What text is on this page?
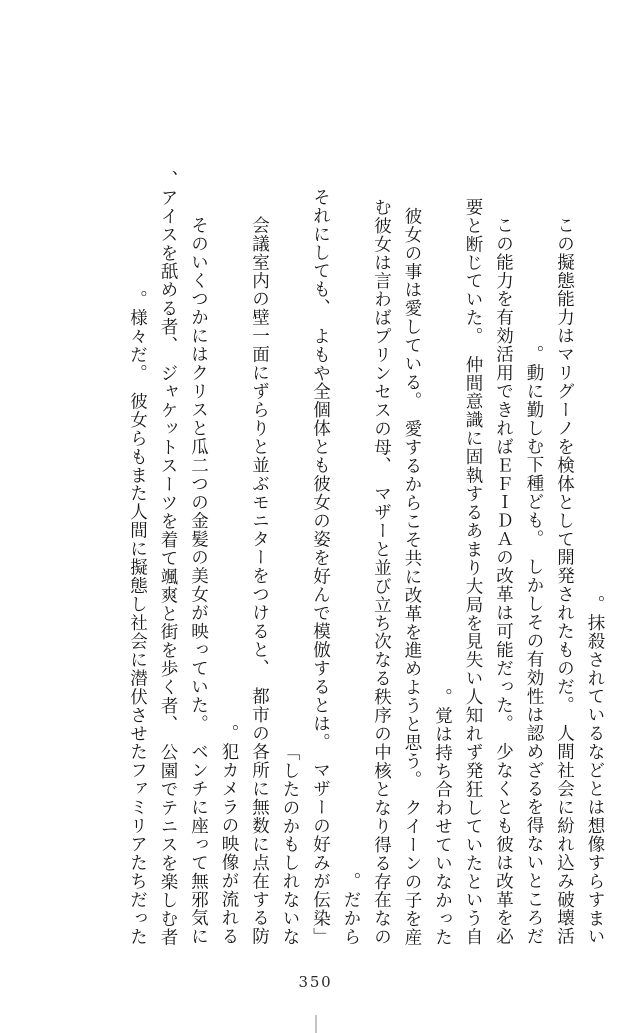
抹殺されているなどとは想像すらすまい。
この擬態能力はマリグーノを検体として開発されたものだ。　人間社会に紛れ込み破壊活
動に勤しむ下種ども。　しかしその有効性は認めざるを得ないところだ。
この能力を有効活用できればＥＦＩＤＡの改革は可能だった。　少なくとも彼は改革を必
要と断じていた。　仲間意識に固執するあまり大局を見失い人知れず発狂していたという自
覚は持ち合わせていなかった。
彼女の事は愛している。　愛するからこそ共に改革を進めようと思う。　クイーンの子を産
む彼女は言わばプリンセスの母、　マザーと並び立ち次なる秩序の中核となり得る存在なの
だから。
「それにしても、　よもや全個体とも彼女の姿を好んで模倣するとは。　マザーの好みが伝染
したのかもしれないな」
会議室内の壁一面にずらりと並ぶモニターをつけると、　都市の各所に無数に点在する防
犯カメラの映像が流れる。
そのいくつかにはクリスと瓜二つの金髪の美女が映っていた。　ベンチに座って無邪気に
アイスを舐める者、　ジャケットスーツを着て颯爽と街を歩く者、　公園でテニスを楽しむ者、
様々だ。　彼女らもまた人間に擬態し社会に潜伏させたファミリアたちだった。
350
